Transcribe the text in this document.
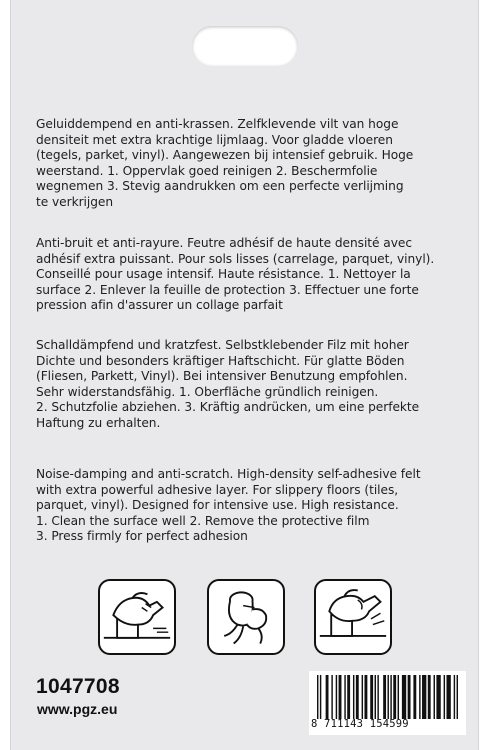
Geluiddempend en anti-krassen. Zelfklevende vilt van hoge
densiteit met extra krachtige lijmlaag. Voor gladde vloeren
(tegels, parket, vinyl). Aangewezen bij intensief gebruik. Hoge
weerstand. 1. Oppervlak goed reinigen 2. Beschermfolie
wegnemen 3. Stevig aandrukken om een perfecte verlijming
te verkrijgen

Anti-bruit et anti-rayure. Feutre adhésif de haute densité avec
adhésif extra puissant. Pour sols lisses (carrelage, parquet, vinyl).
Conseillé pour usage intensif. Haute résistance. 1. Nettoyer la
surface 2. Enlever la feuille de protection 3. Effectuer une forte
pression afin d'assurer un collage parfait

Schalldämpfend und kratzfest. Selbstklebender Filz mit hoher
Dichte und besonders kräftiger Haftschicht. Für glatte Böden
(Fliesen, Parkett, Vinyl). Bei intensiver Benutzung empfohlen.
Sehr widerstandsfähig. 1. Oberfläche gründlich reinigen.
2. Schutzfolie abziehen. 3. Kräftig andrücken, um eine perfekte
Haftung zu erhalten.

Noise-damping and anti-scratch. High-density self-adhesive felt
with extra powerful adhesive layer. For slippery floors (tiles,
parquet, vinyl). Designed for intensive use. High resistance.
1. Clean the surface well 2. Remove the protective film
3. Press firmly for perfect adhesion

1047708
www.pgz.eu
8 711143 154599
